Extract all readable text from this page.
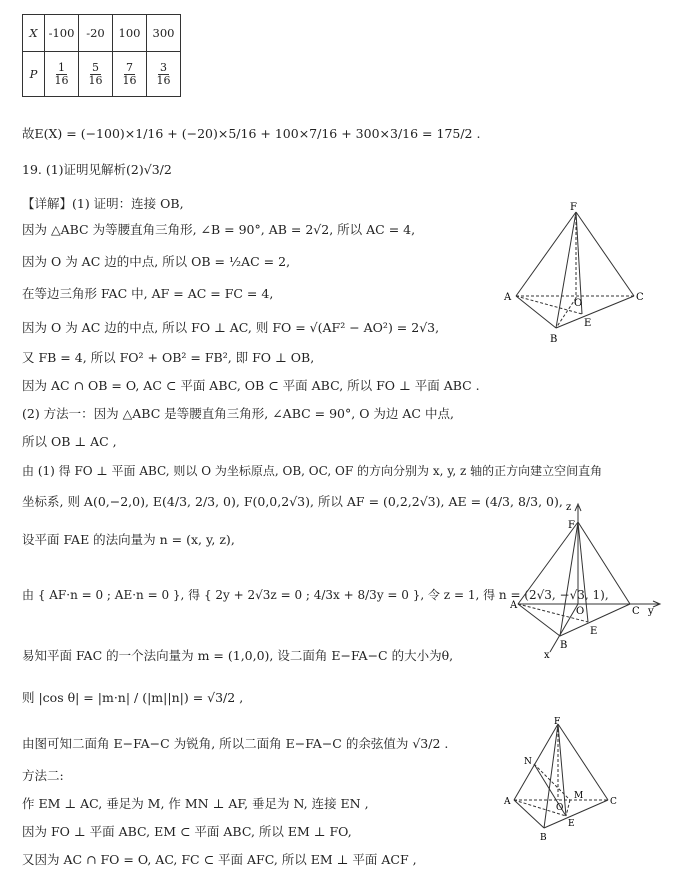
X	-100	-20	100	300
P	$\frac{1}{16}$	$\frac{5}{16}$	$\frac{7}{16}$	$\frac{3}{16}$
故E(X) = (−100)×1/16 + (−20)×5/16 + 100×7/16 + 300×3/16 = 175/2 .
19. (1)证明见解析(2)√3/2
【详解】(1) 证明：连接 OB,
因为 △ABC 为等腰直角三角形, ∠B = 90°, AB = 2√2, 所以 AC = 4,
因为 O 为 AC 边的中点, 所以 OB = ½AC = 2,
在等边三角形 FAC 中, AF = AC = FC = 4,
因为 O 为 AC 边的中点, 所以 FO ⊥ AC, 则 FO = √(AF² − AO²) = 2√3,
又 FB = 4, 所以 FO² + OB² = FB², 即 FO ⊥ OB,
因为 AC ∩ OB = O, AC ⊂ 平面 ABC, OB ⊂ 平面 ABC, 所以 FO ⊥ 平面 ABC .
(2) 方法一：因为 △ABC 是等腰直角三角形, ∠ABC = 90°, O 为边 AC 中点,
所以 OB ⊥ AC ,
由 (1) 得 FO ⊥ 平面 ABC, 则以 O 为坐标原点, OB, OC, OF 的方向分别为 x, y, z 轴的正方向建立空间直角
坐标系, 则 A(0,−2,0), E(4/3, 2/3, 0), F(0,0,2√3), 所以 AF = (0,2,2√3), AE = (4/3, 8/3, 0),
设平面 FAE 的法向量为 n = (x, y, z),
由 { AF·n = 0 ; AE·n = 0 }, 得 { 2y + 2√3z = 0 ; 4/3x + 8/3y = 0 }, 令 z = 1, 得 n = (2√3, −√3, 1),
易知平面 FAC 的一个法向量为 m = (1,0,0), 设二面角 E−FA−C 的大小为θ,
则 |cos θ| = |m·n| / (|m||n|) = √3/2 ,
由图可知二面角 E−FA−C 为锐角, 所以二面角 E−FA−C 的余弦值为 √3/2 .
方法二:
作 EM ⊥ AC, 垂足为 M, 作 MN ⊥ AF, 垂足为 N, 连接 EN ,
因为 FO ⊥ 平面 ABC, EM ⊂ 平面 ABC, 所以 EM ⊥ FO,
又因为 AC ∩ FO = O, AC, FC ⊂ 平面 AFC, 所以 EM ⊥ 平面 ACF ,
F
A
O
C
E
B
z
F
A
O	C y
E
B
x
F
N
A
O
M
C
E
B
